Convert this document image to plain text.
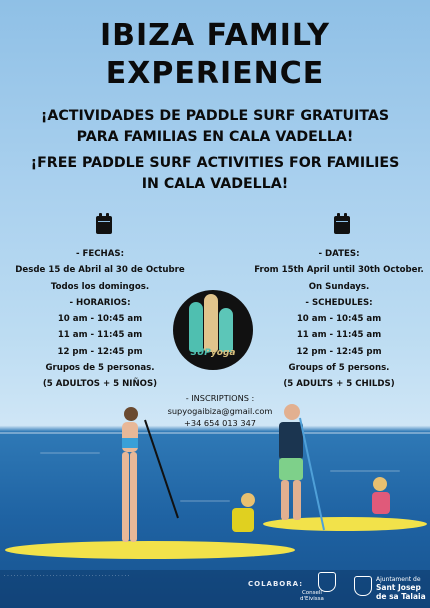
IBIZA FAMILY
EXPERIENCE
¡ACTIVIDADES DE PADDLE SURF GRATUITAS
PARA FAMILIAS EN CALA VADELLA!
¡FREE PADDLE SURF ACTIVITIES FOR FAMILIES
IN CALA VADELLA!
- FECHAS:
Desde 15 de Abril al 30 de Octubre
Todos los domingos.
- HORARIOS:
10 am - 10:45 am
11 am - 11:45 am
12 pm - 12:45 pm
Grupos de 5 personas.
(5 ADULTOS + 5 NIÑOS)
- DATES:
From 15th April until 30th October.
On Sundays.
- SCHEDULES:
10 am - 10:45 am
11 am - 11:45 am
12 pm - 12:45 pm
Groups of 5 persons.
(5 ADULTS + 5 CHILDS)
SUPyoga
- INSCRIPTIONS :
supyogaibiza@gmail.com
+34 654 013 347
· · · · · · · · · · · · · · · · · · · · · · · · · · · · · · · · · · · · · · ·
COLABORA:
Consell
d'Eivissa
Ajuntament de
Sant Josep
de sa Talaia
